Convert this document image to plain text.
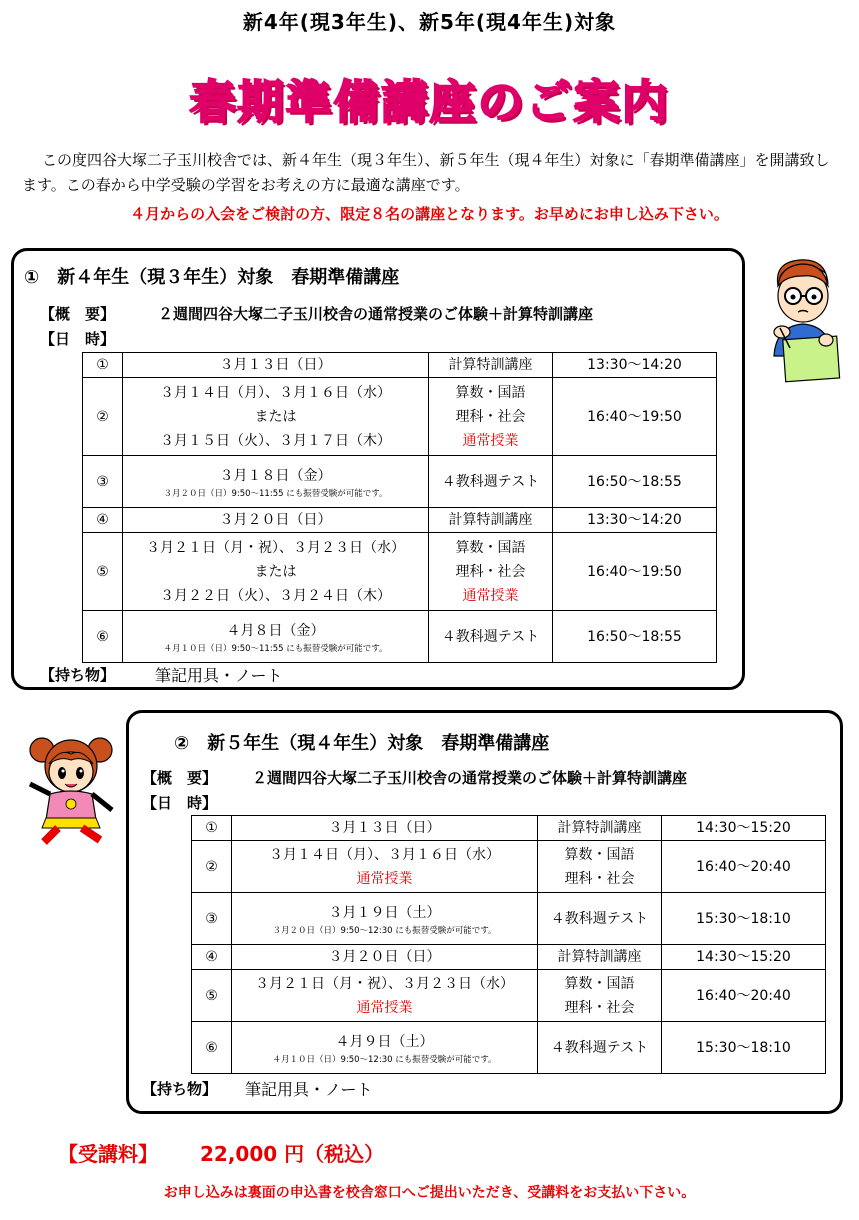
新4年(現3年生)、新5年(現4年生)対象
春期準備講座のご案内
この度四谷大塚二子玉川校舎では、新４年生（現３年生）、新５年生（現４年生）対象に「春期準備講座」を開講致します。この春から中学受験の学習をお考えの方に最適な講座です。
４月からの入会をご検討の方、限定８名の講座となります。お早めにお申し込み下さい。
①　新４年生（現３年生）対象　春期準備講座
【概　要】	２週間四谷大塚二子玉川校舎の通常授業のご体験＋計算特訓講座
【日　時】
①	３月１３日（日）	計算特訓講座	13:30〜14:20
②	３月１４日（月）、３月１６日（水）
または
３月１５日（火）、３月１７日（木）	算数・国語
理科・社会
通常授業	16:40〜19:50
③	３月１８日（金）
３月２０日（日）9:50〜11:55 にも振替受験が可能です。	４教科週テスト	16:50〜18:55
④	３月２０日（日）	計算特訓講座	13:30〜14:20
⑤	３月２１日（月・祝）、３月２３日（水）
または
３月２２日（火）、３月２４日（木）	算数・国語
理科・社会
通常授業	16:40〜19:50
⑥	４月８日（金）
４月１０日（日）9:50〜11:55 にも振替受験が可能です。	４教科週テスト	16:50〜18:55
【持ち物】 筆記用具・ノート
②　新５年生（現４年生）対象　春期準備講座
【概　要】 ２週間四谷大塚二子玉川校舎の通常授業のご体験＋計算特訓講座
【日　時】
①	３月１３日（日）	計算特訓講座	14:30〜15:20
②	３月１４日（月）、３月１６日（水）
通常授業	算数・国語
理科・社会	16:40〜20:40
③	３月１９日（土）
３月２０日（日）9:50〜12:30 にも振替受験が可能です。	４教科週テスト	15:30〜18:10
④	３月２０日（日）	計算特訓講座	14:30〜15:20
⑤	３月２１日（月・祝）、３月２３日（水）
通常授業	算数・国語
理科・社会	16:40〜20:40
⑥	４月９日（土）
４月１０日（日）9:50〜12:30 にも振替受験が可能です。	４教科週テスト	15:30〜18:10
【持ち物】 筆記用具・ノート
【受講料】 22,000 円（税込）
お申し込みは裏面の申込書を校舎窓口へご提出いただき、受講料をお支払い下さい。
